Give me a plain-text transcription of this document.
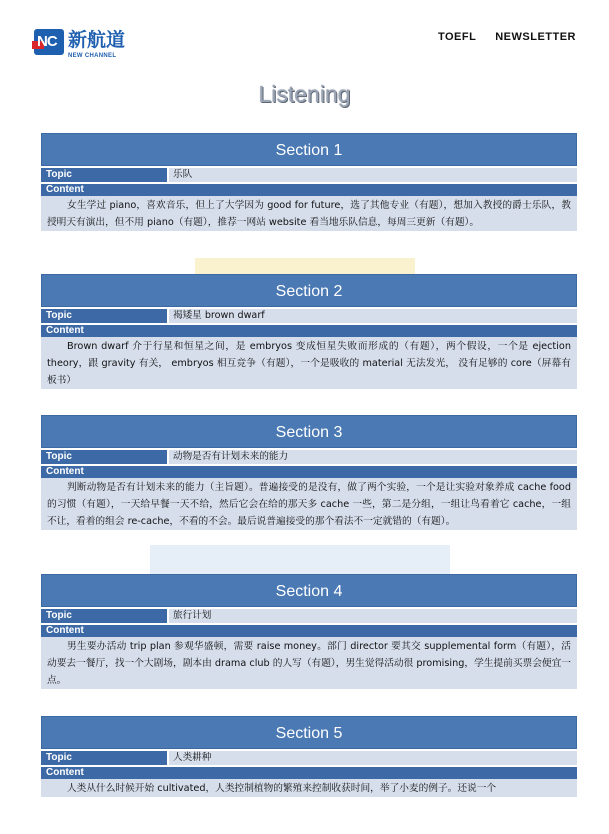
NC 新航道
NEW CHANNEL
TOEFL  NEWSLETTER
Listening
Section 1
Topic	乐队
Content
女生学过 piano，喜欢音乐，但上了大学因为 good for future，选了其他专业（有题），想加入教授的爵士乐队，教授明天有演出，但不用 piano（有题），推荐一网站 website 看当地乐队信息，每周三更新（有题）。
Section 2
Topic	褐矮星 brown dwarf
Content
Brown dwarf 介于行星和恒星之间，是 embryos 变成恒星失败而形成的（有题），两个假设，一个是 ejection theory，跟 gravity 有关， embryos 相互竞争（有题），一个是吸收的 material 无法发光， 没有足够的 core（屏幕有板书）
Section 3
Topic	动物是否有计划未来的能力
Content
判断动物是否有计划未来的能力（主旨题）。普遍接受的是没有，做了两个实验，一个是让实验对象养成 cache food 的习惯（有题），一天给早餐一天不给，然后它会在给的那天多 cache 一些，第二是分组，一组让鸟看着它 cache，一组不让，看着的组会 re-cache，不看的不会。最后说普遍接受的那个看法不一定就错的（有题）。
Section 4
Topic	旅行计划
Content
男生要办活动 trip plan 参观华盛顿，需要 raise money。部门 director 要其交 supplemental form（有题），活动要去一餐厅，找一个大剧场，剧本由 drama club 的人写（有题），男生觉得活动很 promising，学生提前买票会便宜一点。
Section 5
Topic	人类耕种
Content
人类从什么时候开始 cultivated，人类控制植物的繁殖来控制收获时间，举了小麦的例子。还说一个
